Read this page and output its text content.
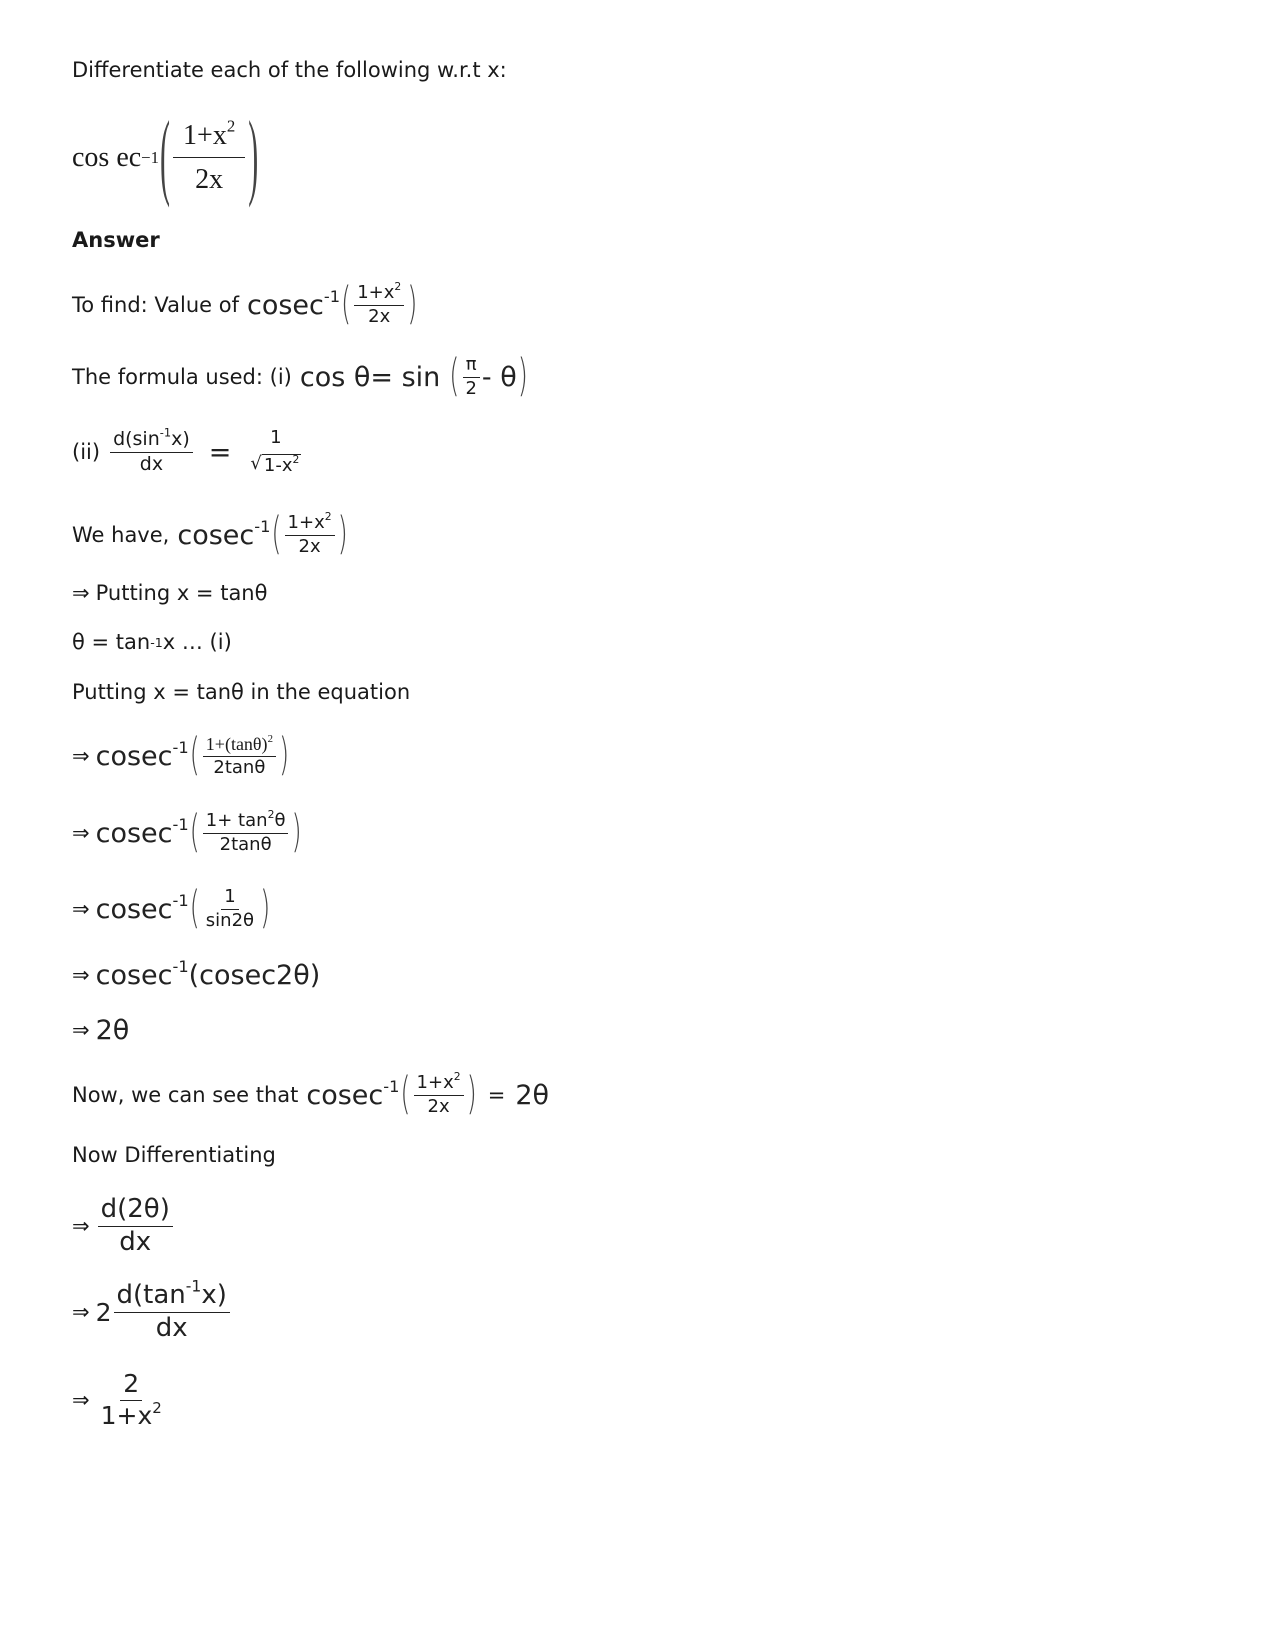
Differentiate each of the following w.r.t x:
cos ec −1 ( $\frac{1+x^2}{2x}$ )
Answer
To find: Value of cosec$^{-1}$ ( $\frac{1+x^2}{2x}$ )
The formula used: (i) cos θ= sin ( $\frac{\pi}{2}$ - θ )
$(ii) \frac{d(\sin^{-1}x)}{dx} = 1$
√ $1-x^2$
We have, cosec$^{-1}$ ( $\frac{1+x^2}{2x}$ )
⇒ Putting x = tanθ
θ = tan -1 x … (i)
Putting x = tanθ in the equation
⇒ cosec$^{-1}$ ( $\frac{1+(\tan\theta)^2}{2\tan\theta}$ )
⇒ cosec$^{-1}$ ( $\frac{1+ \tan^2\theta}{2\tan\theta}$ )
⇒ cosec$^{-1}$ ( $\frac{1}{\sin 2\theta}$ )
⇒ cosec$^{-1}$(cosec2θ)
⇒ 2θ
Now, we can see that cosec$^{-1}$ ( $\frac{1+x^2}{2x}$ ) = 2θ
Now Differentiating
⇒ $\frac{d(2\theta)}{dx}$
⇒ $2 \frac{d(\tan^{-1}x)}{dx}$
⇒ $\frac{2}{1+x^2}$
